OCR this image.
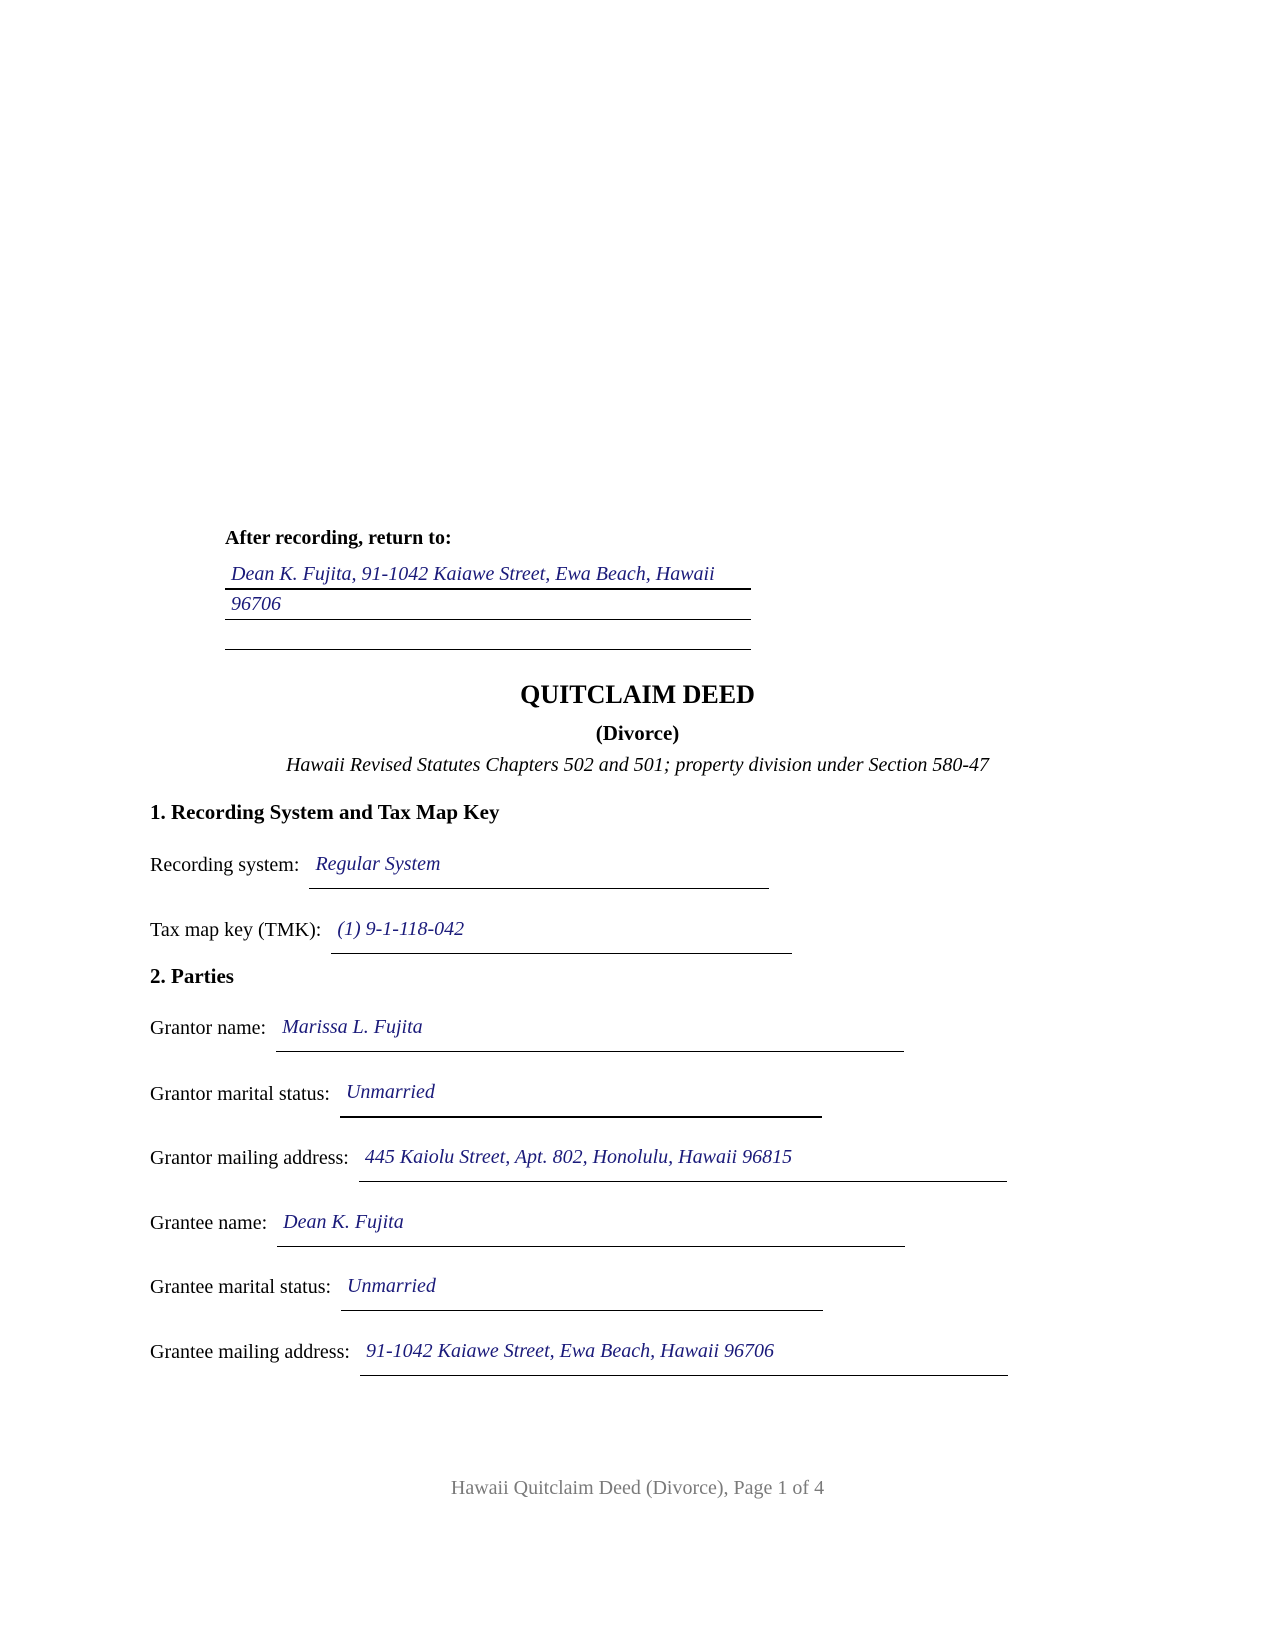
After recording, return to:
Dean K. Fujita, 91-1042 Kaiawe Street, Ewa Beach, Hawaii
96706
QUITCLAIM DEED
(Divorce)
Hawaii Revised Statutes Chapters 502 and 501; property division under Section 580-47
1. Recording System and Tax Map Key
Recording system: Regular System
Tax map key (TMK): (1) 9-1-118-042
2. Parties
Grantor name: Marissa L. Fujita
Grantor marital status: Unmarried
Grantor mailing address: 445 Kaiolu Street, Apt. 802, Honolulu, Hawaii 96815
Grantee name: Dean K. Fujita
Grantee marital status: Unmarried
Grantee mailing address: 91-1042 Kaiawe Street, Ewa Beach, Hawaii 96706
Hawaii Quitclaim Deed (Divorce), Page 1 of 4
